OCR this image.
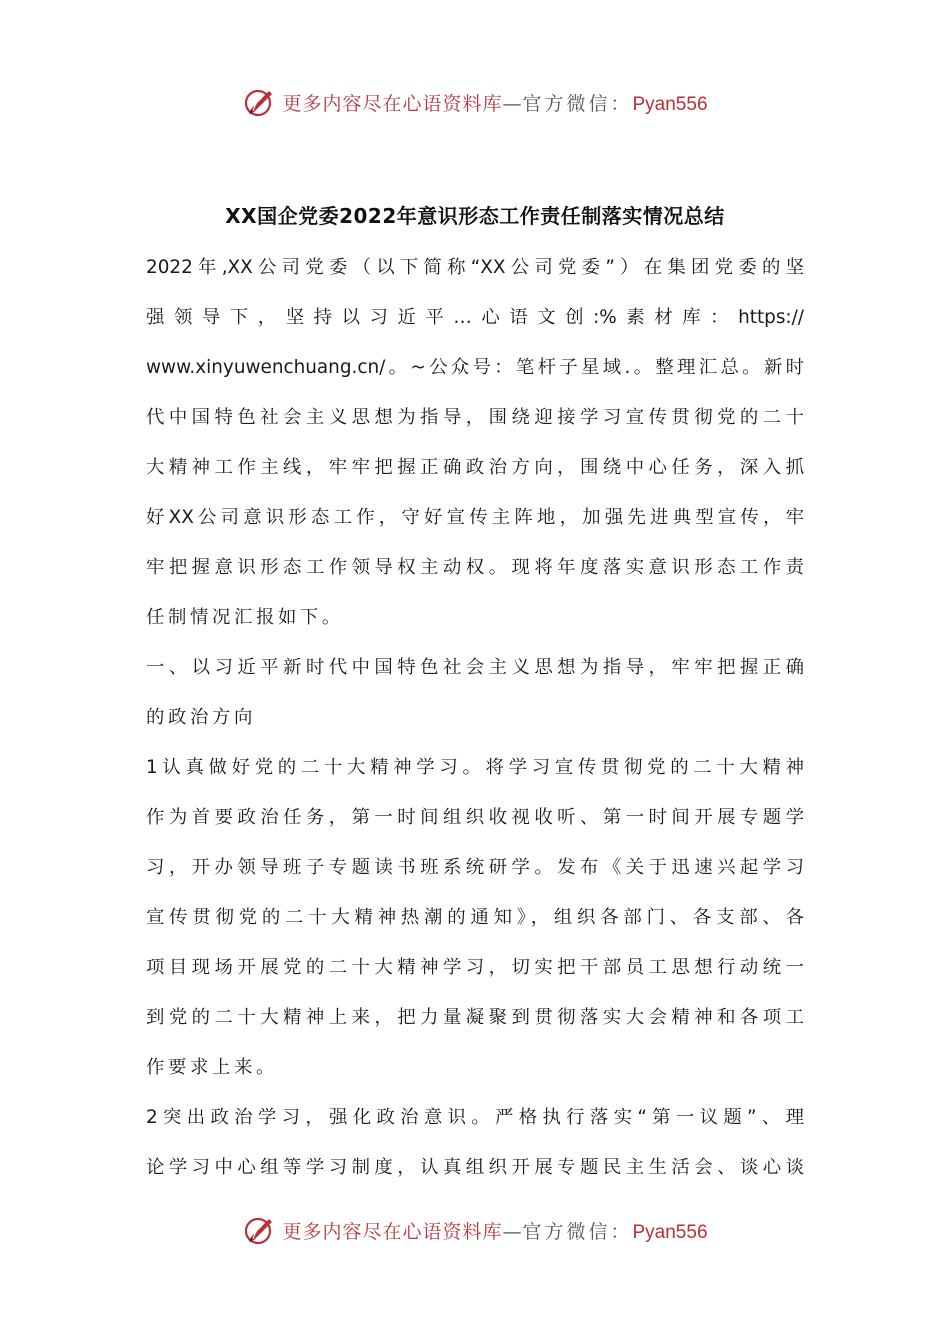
更多内容尽在心语资料库—官方微信：Pyan556
XX国企党委2022年意识形态工作责任制落实情况总结
2022年,XX公司党委（以下简称“XX公司党委”）在集团党委的坚
强领导下，坚持以习近平…心语文创:%素材库：https://
www.xinyuwenchuang.cn/。~公众号：笔杆子星域.。整理汇总。新时
代中国特色社会主义思想为指导，围绕迎接学习宣传贯彻党的二十
大精神工作主线，牢牢把握正确政治方向，围绕中心任务，深入抓
好XX公司意识形态工作，守好宣传主阵地，加强先进典型宣传，牢
牢把握意识形态工作领导权主动权。现将年度落实意识形态工作责
任制情况汇报如下。
一、以习近平新时代中国特色社会主义思想为指导，牢牢把握正确
的政治方向
1认真做好党的二十大精神学习。将学习宣传贯彻党的二十大精神
作为首要政治任务，第一时间组织收视收听、第一时间开展专题学
习，开办领导班子专题读书班系统研学。发布《关于迅速兴起学习
宣传贯彻党的二十大精神热潮的通知》，组织各部门、各支部、各
项目现场开展党的二十大精神学习，切实把干部员工思想行动统一
到党的二十大精神上来，把力量凝聚到贯彻落实大会精神和各项工
作要求上来。
2突出政治学习，强化政治意识。严格执行落实“第一议题”、理
论学习中心组等学习制度，认真组织开展专题民主生活会、谈心谈
更多内容尽在心语资料库—官方微信：Pyan556
